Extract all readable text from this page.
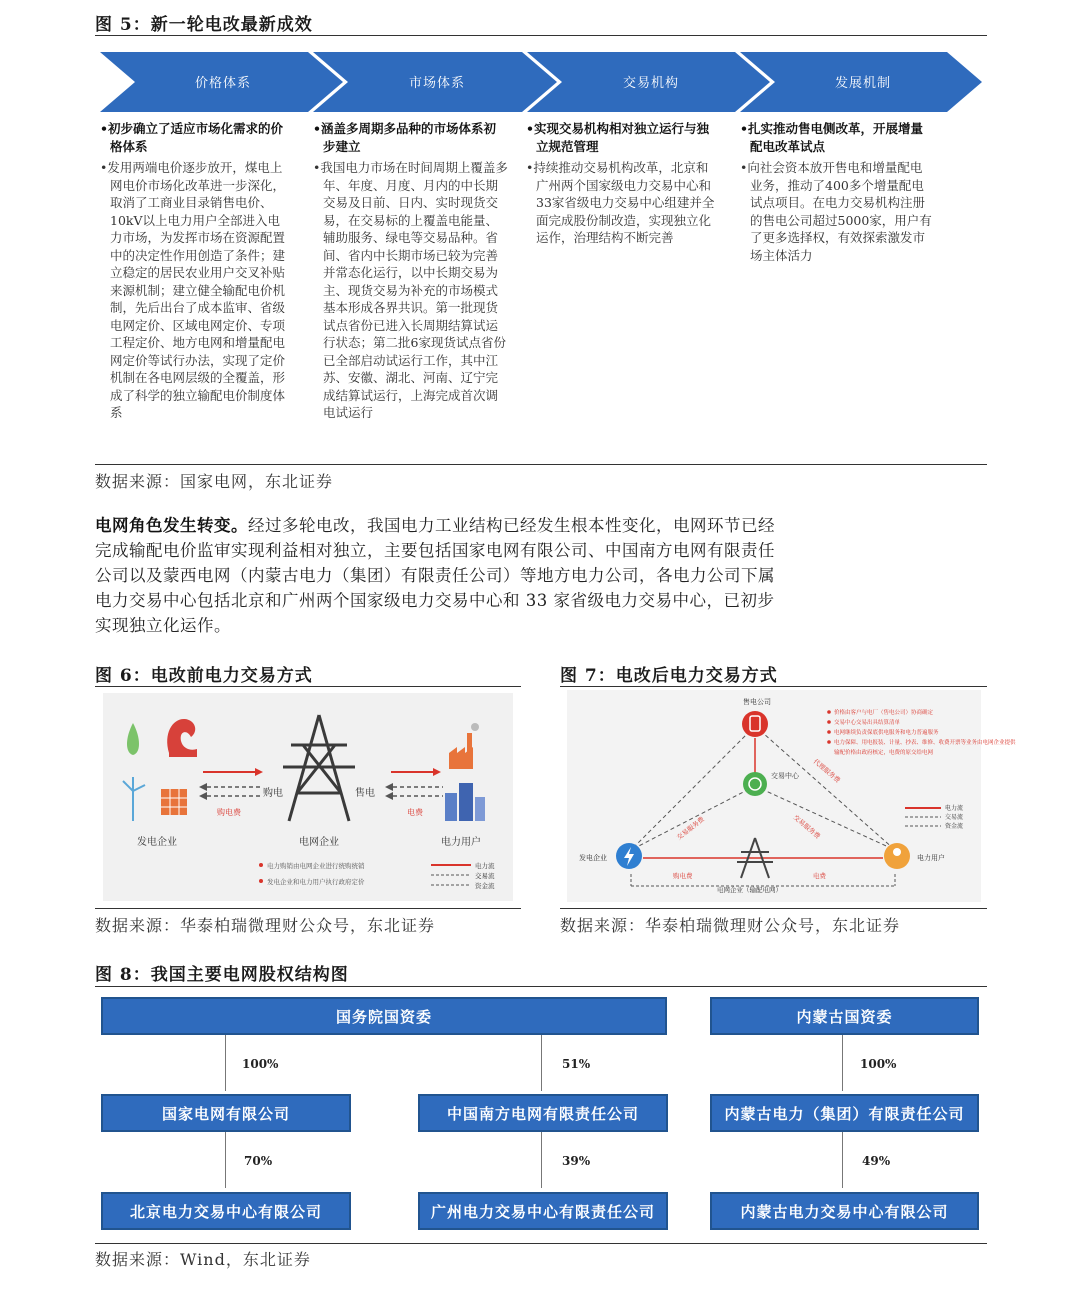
图 5：新一轮电改最新成效
价格体系	市场体系	交易机构	发展机制
•初步确立了适应市场化需求的价格体系
•发用两端电价逐步放开，煤电上网电价市场化改革进一步深化，取消了工商业目录销售电价、10kV以上电力用户全部进入电力市场，为发挥市场在资源配置中的决定性作用创造了条件；建立稳定的居民农业用户交叉补贴来源机制；建立健全输配电价机制，先后出台了成本监审、省级电网定价、区域电网定价、专项工程定价、地方电网和增量配电网定价等试行办法，实现了定价机制在各电网层级的全覆盖，形成了科学的独立输配电价制度体系
•涵盖多周期多品种的市场体系初步建立
•我国电力市场在时间周期上覆盖多年、年度、月度、月内的中长期交易及日前、日内、实时现货交易，在交易标的上覆盖电能量、辅助服务、绿电等交易品种。省间、省内中长期市场已较为完善并常态化运行，以中长期交易为主、现货交易为补充的市场模式基本形成各界共识。第一批现货试点省份已进入长周期结算试运行状态；第二批6家现货试点省份已全部启动试运行工作，其中江苏、安徽、湖北、河南、辽宁完成结算试运行，上海完成首次调电试运行
•实现交易机构相对独立运行与独立规范管理
•持续推动交易机构改革，北京和广州两个国家级电力交易中心和33家省级电力交易中心组建并全面完成股份制改造，实现独立化运作，治理结构不断完善
•扎实推动售电侧改革，开展增量配电改革试点
•向社会资本放开售电和增量配电业务，推动了400多个增量配电试点项目。在电力交易机构注册的售电公司超过5000家，用户有了更多选择权，有效探索激发市场主体活力
数据来源：国家电网，东北证券
电网角色发生转变。经过多轮电改，我国电力工业结构已经发生根本性变化，电网环节已经完成输配电价监审实现利益相对独立，主要包括国家电网有限公司、中国南方电网有限责任公司以及蒙西电网（内蒙古电力（集团）有限责任公司）等地方电力公司，各电力公司下属电力交易中心包括北京和广州两个国家级电力交易中心和 33 家省级电力交易中心，已初步实现独立化运作。
图 6：电改前电力交易方式
购电费
购电	售电
电费
发电企业	电网企业	电力用户
电力购销由电网企业进行统购统销
发电企业和电力用户执行政府定价
电力流
交易流
资金流
数据来源：华泰柏瑞微理财公众号，东北证券
图 7：电改后电力交易方式
售电公司
交易中心
发电企业	电力用户
电网企业（输配电网）
购电费	电费
交易服务费	交易服务费
代理服务费
价格由客户与电厂（售电公司）协商确定
交易中心交易出具结算清单
电网继续负责保底供电服务和电力普遍服务
电力保障、用电报装、计量、抄表、维修、收费开票等业务由电网企业提供
输配价格由政府核定，电费的原交给电网
电力流
交易流
资金流
数据来源：华泰柏瑞微理财公众号，东北证券
图 8：我国主要电网股权结构图
国务院国资委	内蒙古国资委
100%	51%	100%
国家电网有限公司	中国南方电网有限责任公司	内蒙古电力（集团）有限责任公司
70%	39%	49%
北京电力交易中心有限公司	广州电力交易中心有限责任公司	内蒙古电力交易中心有限公司
数据来源：Wind，东北证券
